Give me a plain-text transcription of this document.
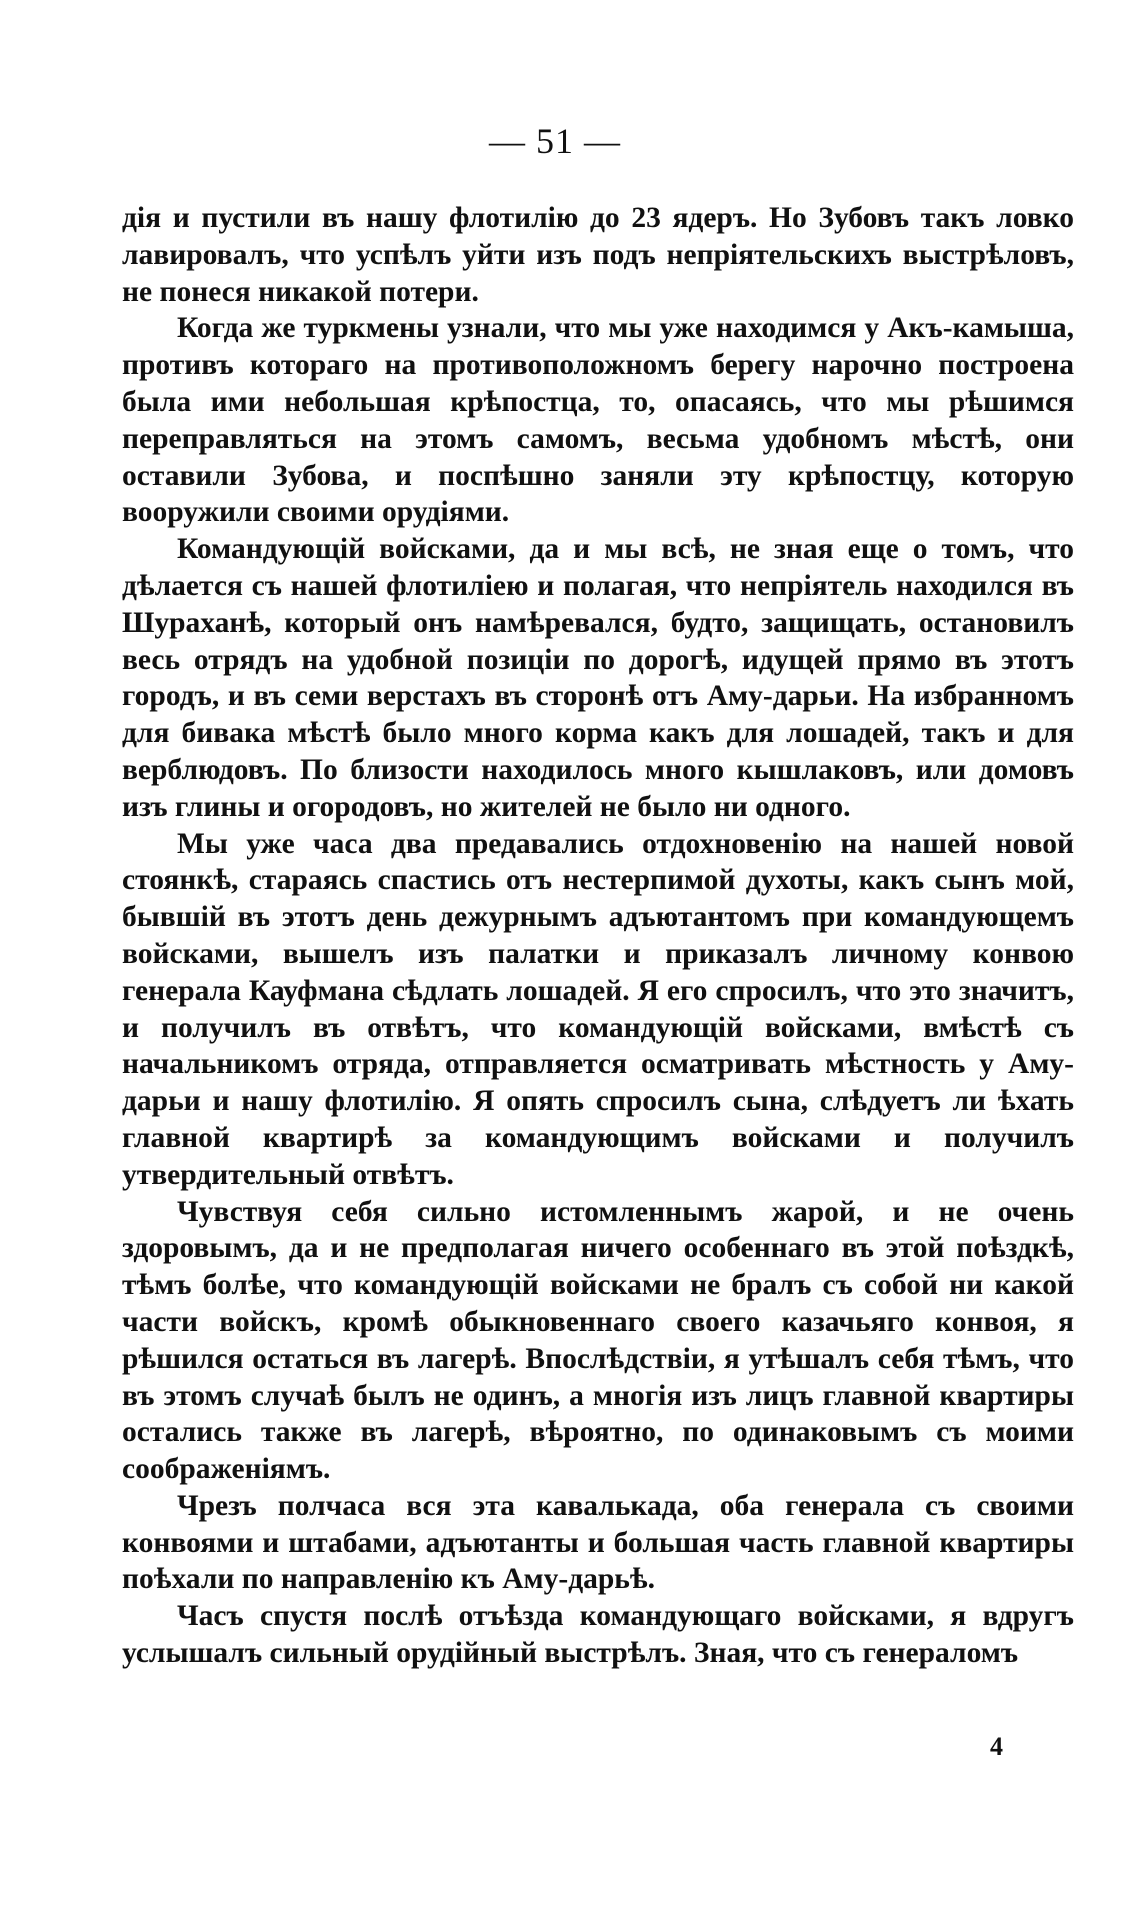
— 51 —

дія и пустили въ нашу флотилію до 23 ядеръ. Но Зубовъ такъ ловко лавировалъ, что успѣлъ уйти изъ подъ непріятельскихъ выстрѣловъ, не понеся никакой потери.

Когда же туркмены узнали, что мы уже находимся у Акъ-камыша, противъ котораго на противоположномъ берегу нарочно построена была ими небольшая крѣпостца, то, опасаясь, что мы рѣшимся переправляться на этомъ самомъ, весьма удобномъ мѣстѣ, они оставили Зубова, и поспѣшно заняли эту крѣпостцу, которую вооружили своими орудіями.

Командующій войсками, да и мы всѣ, не зная еще о томъ, что дѣлается съ нашей флотиліею и полагая, что непріятель находился въ Шураханѣ, который онъ намѣревался, будто, защищать, остановилъ весь отрядъ на удобной позиціи по дорогѣ, идущей прямо въ этотъ городъ, и въ семи верстахъ въ сторонѣ отъ Аму-дарьи. На избранномъ для бивака мѣстѣ было много корма какъ для лошадей, такъ и для верблюдовъ. По близости находилось много кышлаковъ, или домовъ изъ глины и огородовъ, но жителей не было ни одного.

Мы уже часа два предавались отдохновенію на нашей новой стоянкѣ, стараясь спастись отъ нестерпимой духоты, какъ сынъ мой, бывшій въ этотъ день дежурнымъ адъютантомъ при командующемъ войсками, вышелъ изъ палатки и приказалъ личному конвою генерала Кауфмана сѣдлать лошадей. Я его спросилъ, что это значитъ, и получилъ въ отвѣтъ, что командующій войсками, вмѣстѣ съ начальникомъ отряда, отправляется осматривать мѣстность у Аму-дарьи и нашу флотилію. Я опять спросилъ сына, слѣдуетъ ли ѣхать главной квартирѣ за командующимъ войсками и получилъ утвердительный отвѣтъ.

Чувствуя себя сильно истомленнымъ жарой, и не очень здоровымъ, да и не предполагая ничего особеннаго въ этой поѣздкѣ, тѣмъ болѣе, что командующій войсками не бралъ съ собой ни какой части войскъ, кромѣ обыкновеннаго своего казачьяго конвоя, я рѣшился остаться въ лагерѣ. Впослѣдствіи, я утѣшалъ себя тѣмъ, что въ этомъ случаѣ былъ не одинъ, а многія изъ лицъ главной квартиры остались также въ лагерѣ, вѣроятно, по одинаковымъ съ моими соображеніямъ.

Чрезъ полчаса вся эта кавалькада, оба генерала съ своими конвоями и штабами, адъютанты и большая часть главной квартиры поѣхали по направленію къ Аму-дарьѣ.

Часъ спустя послѣ отъѣзда командующаго войсками, я вдругъ услышалъ сильный орудійный выстрѣлъ. Зная, что съ генераломъ

4
